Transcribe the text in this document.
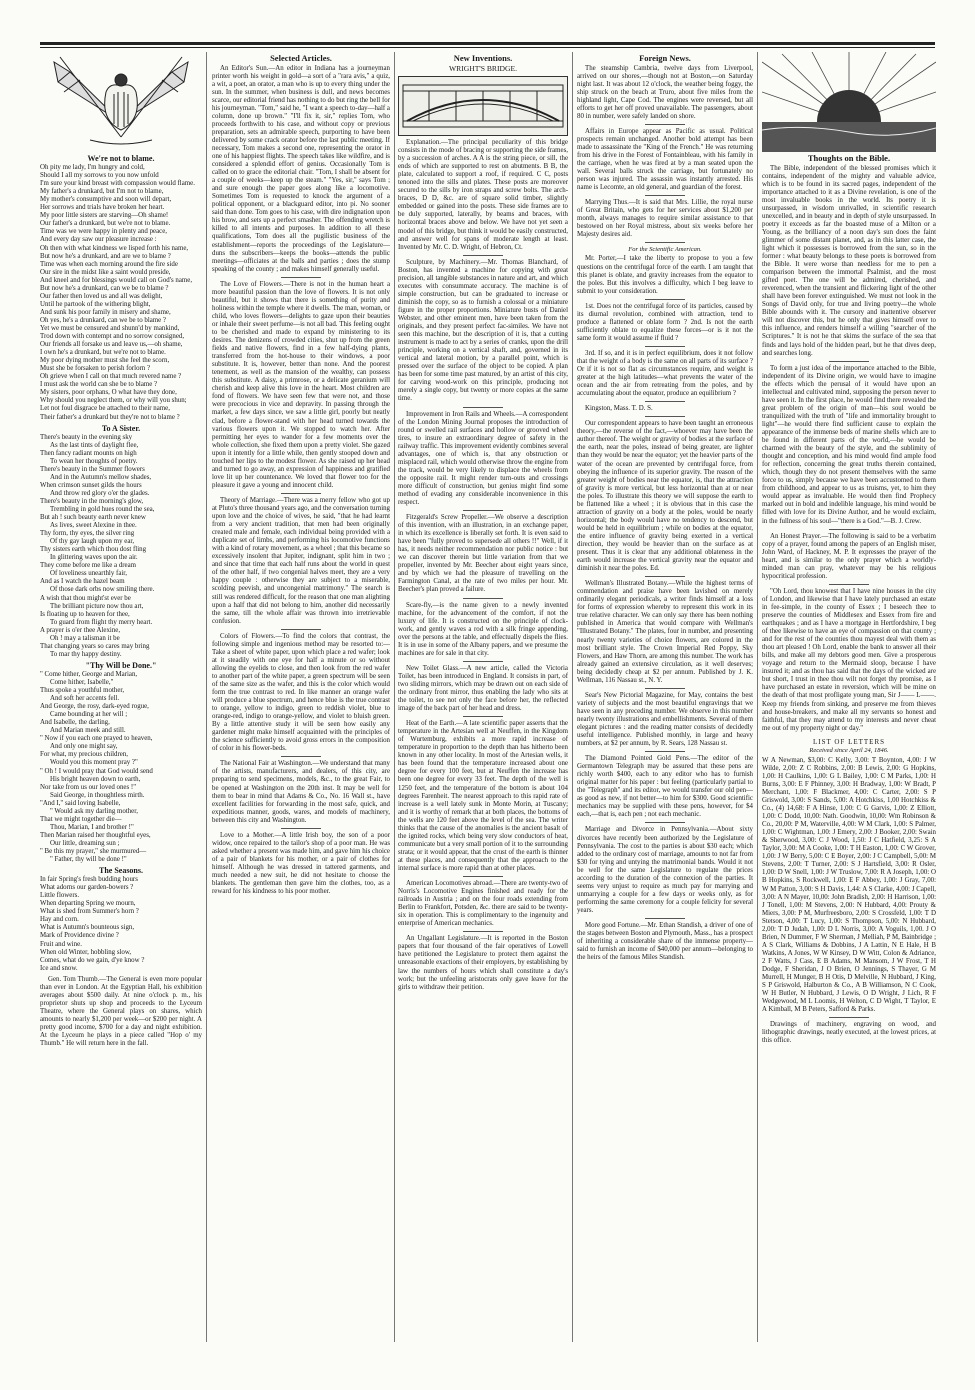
We're not to blame.

Oh pity me lady, I'm hungry and cold,

Should I all my sorrows to you now unfold

I'm sure your kind breast with compassion would flame.

My father's a drunkard, but I'm not to blame,

My mother's consumptive and soon will depart,

Her sorrows and trials have broken her heart.

My poor little sisters are starving—Oh shame!

Our father's a drunkard, but we're not to blame.

Time was we were happy in plenty and peace,

And every day saw our pleasure increase :

Oh then with what kindness we lisped forth his name,

But now he's a drunkard, and are we to blame ?

Time was when each morning around the fire side

Our sire in the midst like a saint would preside,

And kneel and for blessings would call on God's name,

But now he's a drunkard, can we be to blame ?

Our father then loved us and all was delight,

Until he partook of the withering blight,

And sunk his poor family in misery and shame,

Oh yes, he's a drunkard, can we be to blame ?

Yet we must be censured and shunn'd by mankind,

Trod down with contempt and no sorrow consigned,

Our friends all forsake us and leave us,—oh shame,

I own he's a drunkard, but we're not to blame.

My poor dying mother must she feel the scorn,

Must she be forsaken to perish forlorn ?

Oh grieve when I call on that much revered name ?

I must ask the world can she be to blame ?

My sisters, poor orphans, O what have they done,

Why should you neglect them, or why will you shun;

Let not foul disgrace be attached to their name,

Their father's a drunkard but they're not to blame ?

To A Sister.

There's beauty in the evening sky

As the last tints of daylight flee,

Then fancy radiant mounts on high

To wean her thoughts of poetry.

There's beauty in the Summer flowers

And in the Autumn's mellow shades,

When crimson sunset gilds the hours

And throw red glory o'er the glades.

There's beauty in the morning's glow,

Trembling in gold hues round the sea,

But ah ! such beauty earth never knew

As lives, sweet Alexine in thee.

Thy form, thy eyes, the silver ring

Of thy gay laugh upon my ear,

Thy sisters earth which thou dost fling

In glittering waves upon the air.

They come before me like a dream

Of loveliness unearthly fair,

And as I watch the hazel beam

Of those dark orbs now smiling there.

A wish that thou might'st ever be

The brilliant picture now thou art,

Is floating up to heaven for thee,

To guard from flight thy merry heart.

A prayer is o'er thee Alexine,

Oh ! may a talisman it be

That changing years so cares may bring

To mar thy happy destiny.

"Thy Will be Done."

" Come hither, George and Marian,

Come hither, Isabelle,"

Thus spoke a youthful mother,

And soft her accents fell.

And George, the rosy, dark-eyed rogue,

Came bounding at her will ;

And Isabelle, the darling,

And Marian meek and still.

" Now if you each one prayed to heaven,

And only one might say,

For what, my precious children,

Would you this moment pray ?"

" Oh ! I would pray that God would send

His bright heaven down to earth,

Nor take from us our loved ones !"

Said George, in thoughtless mirth.

"And I," said loving Isabelle,

" Would ask my darling mother,

That we might together die—

Thou, Marian, I and brother !"

Then Marian raised her thoughtful eyes,

Our little, dreaming sun ;

" Be this my prayer," she murmured—

" Father, thy will be done !"

The Seasons.

In fair Spring's fresh budding hours

What adorns our garden-bowers ?

Little flowers.

When departing Spring we mourn,

What is shed from Summer's horn ?

Hay and corn.

What is Autumn's bounteous sign,

Mark of Providence divine ?

Fruit and wine.

When old Winter, hobbling slow,

Comes, what do we gain, d'ye know ?

Ice and snow.

Gen. Tom Thumb.—The General is even more popular than ever in London. At the Egyptian Hall, his exhibition averages about $500 daily. At nine o'clock p. m., his proprietor shuts up shop and proceeds to the Lyceum Theatre, where the General plays on shares, which amounts to nearly $1,200 per week—or $200 per night. A pretty good income, $700 for a day and night exhibition. At the Lyceum he plays in a piece called "Hop o' my Thumb." He will return here in the fall.

Selected Articles.

An Editor's Sun.—An editor in Indiana has a journeyman printer worth his weight in gold—a sort of a "rara avis," a quiz, a wit, a poet, an orator, a man who is up to every thing under the sun. In the summer, when business is dull, and news becomes scarce, our editorial friend has nothing to do but ring the bell for his journeyman. "Tom," said he, "I want a speech to-day—half a column, done up brown." "I'll fix it, sir," replies Tom, who proceeds forthwith to his case, and without copy or previous preparation, sets an admirable speech, purporting to have been delivered by some crack orator before the last public meeting. If necessary, Tom makes a second one, representing the orator in one of his happiest flights. The speech takes like wildfire, and is considered a splendid effort of genius. Occasionally Tom is called on to grace the editorial chair. "Tom, I shall be absent for a couple of weeks—keep up the steam." "Yes, sir," says Tom ; and sure enough the paper goes along like a locomotive. Sometimes Tom is requested to knock the argument of a political opponent, or a blackguard editor, into pi. No sooner said than done. Tom goes to his case, with dire indignation upon his brow, and sets up a perfect smasher. The offending wretch is killed to all intents and purposes. In addition to all these qualifications, Tom does all the pugilistic business of the establishment—reports the proceedings of the Legislature—duns the subscribers—keeps the books—attends the public meetings—officiates at the balls and parties ; does the stump speaking of the county ; and makes himself generally useful.

The Love of Flowers.—There is not in the human heart a more beautiful passion than the love of flowers. It is not only beautiful, but it shows that there is something of purity and holiness within the temple where it dwells. The man, woman, or child, who loves flowers—delights to gaze upon their beauties or inhale their sweet perfume—is not all bad. This feeling ought to be cherished and made to expand by ministering to its desires. The denizens of crowded cities, shut up from the green fields and native flowers, find in a few half-dying plants, transferred from the hot-house to their windows, a poor substitute. It is, however, better than none. And the poorest tenement, as well as the mansion of the wealthy, can possess this substitute. A daisy, a primrose, or a delicate geranium will cherish and keep alive this love in the heart. Most children are fond of flowers. We have seen few that were not, and those were precocious in vice and depravity. In passing through the market, a few days since, we saw a little girl, poorly but neatly clad, before a flower-stand with her head turned towards the various flowers upon it. We stopped to watch her. After permitting her eyes to wander for a few moments over the whole collection, she fixed them upon a pretty violet. She gazed upon it intently for a little while, then gently stooped down and touched her lips to the modest flower. As she raised up her head and turned to go away, an expression of happiness and gratified love lit up her countenance. We loved that flower too for the pleasure it gave a young and innocent child.

Theory of Marriage.—There was a merry fellow who got up at Pluto's three thousand years ago, and the conversation turning upon love and the choice of wives, he said, "that he had learnt from a very ancient tradition, that men had been originally created male and female, each individual being provided with a duplicate set of limbs, and performing his locomotive functions with a kind of rotary movement, as a wheel ; that this became so excessively insolent that Jupiter, indignant, split him in two ; and since that time that each half runs about the world in quest of the other half, if two congenial halves meet, they are a very happy couple : otherwise they are subject to a miserable, scolding peevish, and uncongenial matrimony." The search is still was rendered difficult, for the reason that one man alighting upon a half that did not belong to him, another did necessarily the same, till the whole affair was thrown into irretrievable confusion.

Colors of Flowers.—To find the colors that contrast, the following simple and ingenious method may be resorted to:—Take a sheet of white paper, upon which place a red wafer; look at it steadily with one eye for half a minute or so without allowing the eyelids to close, and then look from the red wafer to another part of the white paper, a green spectrum will be seen of the same size as the wafer, and this is the color which would form the true contrast to red. In like manner an orange wafer will produce a blue spectrum, and hence blue is the true contrast to orange, yellow to indigo, green to reddish violet, blue to orange-red, indigo to orange-yellow, and violet to bluish green. By a little attentive study it will be seen how easily any gardener might make himself acquainted with the principles of the science sufficiently to avoid gross errors in the composition of color in his flower-beds.

The National Fair at Washington.—We understand that many of the artists, manufacturers, and dealers, of this city, are preparing to send specimens, models, &c., to the great Fair, to be opened at Washington on the 20th inst. It may be well for them to bear in mind that Adams & Co., No. 16 Wall st., have excellent facilities for forwarding in the most safe, quick, and expeditious manner, goods, wares, and models of machinery, between this city and Washington.

Love to a Mother.—A little Irish boy, the son of a poor widow, once repaired to the tailor's shop of a poor man. He was asked whether a present was made him, and gave him his choice of a pair of blankets for his mother, or a pair of clothes for himself. Although he was dressed in tattered garments, and much needed a new suit, he did not hesitate to choose the blankets. The gentleman then gave him the clothes, too, as a reward for his kindness to his poor mother.

New Inventions.
WRIGHT'S BRIDGE.

Explanation.—The principal peculiarity of this bridge consists in the mode of bracing or supporting the side frames, by a succession of arches. A A is the string piece, or sill, the ends of which are supported to rest on abutments. B B, the plate, calculated to support a roof, if required. C C, posts tenoned into the sills and plates. These posts are moreover secured to the sills by iron straps and screw bolts. The arch-braces, D D, &c. are of square solid timber, slightly embedded or gained into the posts. These side frames are to be duly supported, laterally, by beams and braces, with horizontal braces above and below. We have not yet seen a model of this bridge, but think it would be easily constructed, and answer well for spans of moderate length at least. Invented by Mr. C. D. Wright, of Hebron, Ct.

Sculpture, by Machinery.—Mr. Thomas Blanchard, of Boston, has invented a machine for copying with great precision, all tangible substances in nature and art, and which executes with consummate accuracy. The machine is of simple construction, but can be graduated to increase or diminish the copy, so as to furnish a colossal or a miniature figure in the proper proportions. Miniature busts of Daniel Webster, and other eminent men, have been taken from the originals, and they present perfect fac-similes. We have not seen this machine, but the description of it is, that a cutting instrument is made to act by a series of cranks, upon the drill principle, working on a vertical shaft, and, governed in its vertical and lateral motion, by a parallel point, which is pressed over the surface of the object to be copied. A plan has been for some time past matured, by an artist of this city, for carving wood-work on this principle, producing not merely a single copy, but twenty or more copies at the same time.

Improvement in Iron Rails and Wheels.—A correspondent of the London Mining Journal proposes the introduction of round or swelled rail surfaces and hollow or grooved wheel tires, to insure an extraordinary degree of safety in the railway traffic. This improvement evidently combines several advantages, one of which is, that any obstruction or misplaced rail, which would otherwise throw the engine from the track, would be very likely to displace the wheels from the opposite rail. It might render turn-outs and crossings more difficult of construction, but genius might find some method of evading any considerable inconvenience in this respect.

Fitzgerald's Screw Propeller.—We observe a description of this invention, with an illustration, in an exchange paper, in which its excellence is liberally set forth. It is even said to have been "fully proved to supersede all others !!" Well, if it has, it needs neither recommendation nor public notice : but we can discover therein but little variation from that we propeller, invented by Mr. Beecher about eight years since, and by which we had the pleasure of travelling on the Farmington Canal, at the rate of two miles per hour. Mr. Beecher's plan proved a failure.

Scare-fly,—is the name given to a newly invented machine, for the advancement of the comfort, if not the luxury of life. It is constructed on the principle of clock-work, and gently waves a rod with a silk fringe appending, over the persons at the table, and effectually dispels the flies. It is in use in some of the Albany papers, and we presume the machines are for sale in that city.

New Toilet Glass.—A new article, called the Victoria Toilet, has been introduced in England. It consists in part, of two sliding mirrors, which may be drawn out on each side of the ordinary front mirror, thus enabling the lady who sits at the toilet, to see not only the face before her, the reflected image of the back part of her head and dress.

Heat of the Earth.—A late scientific paper asserts that the temperature in the Artesian well at Neuffen, in the Kingdom of Wurtemburg, exhibits a more rapid increase of temperature in proportion to the depth than has hitherto been known in any other locality. In most of the Artesian wells, it has been found that the temperature increased about one degree for every 100 feet, but at Neuffen the increase has been one degree for every 33 feet. The depth of the well is 1250 feet, and the temperature of the bottom is about 104 degrees Farenheit. The nearest approach to this rapid rate of increase is a well lately sunk in Monte Morin, at Tuscany; and it is worthy of remark that at both places, the bottoms of the wells are 120 feet above the level of the sea. The writer thinks that the cause of the anomalies is the ancient basalt of the ignited rocks, which being very slow conductors of heat, communicate but a very small portion of it to the surrounding strata; or it would appear, that the crust of the earth is thinner at these places, and consequently that the approach to the internal surface is more rapid than at other places.

American Locomotives abroad.—There are twenty-two of Norris's Locomotive Engines finished and ready for the railroads in Austria ; and on the four roads extending from Berlin to Frankfort, Potsden, &c. there are said to be twenty-six in operation. This is complimentary to the ingenuity and enterprise of American mechanics.

An Ungallant Legislature.—It is reported in the Boston papers that four thousand of the fair operatives of Lowell have petitioned the Legislature to protect them against the unreasonable exactions of their employers, by establishing by law the numbers of hours which shall constitute a day's work; but the unfeeling aristocrats only gave leave for the girls to withdraw their petition.

Foreign News.

The steamship Cambria, twelve days from Liverpool, arrived on our shores,—though not at Boston,—on Saturday night last. It was about 12 o'clock, the weather being foggy, the ship struck on the beach at Truro, about five miles from the highland light, Cape Cod. The engines were reversed, but all efforts to get her off proved unavailable. The passengers, about 80 in number, were safely landed on shore.

Affairs in Europe appear as Pacific as usual. Political prospects remain unchanged. Another bold attempt has been made to assassinate the "King of the French." He was returning from his drive in the Forest of Fontainbleau, with his family in the carriage, when he was fired at by a man seated upon the wall. Several balls struck the carriage, but fortunately no person was injured. The assassin was instantly arrested. His name is Lecomte, an old general, and guardian of the forest.

Marrying Thus.—It is said that Mrs. Lillie, the royal nurse of Great Britain, who gets for her services about $1,200 per month, always manages to require similar assistance to that bestowed on her Royal mistress, about six weeks before her Majesty desires aid.

For the Scientific American.

Mr. Porter,—I take the liberty to propose to you a few questions on the centrifugal force of the earth. I am taught that this planet is oblate, and gravity increases from the equator to the poles. But this involves a difficulty, which I beg leave to submit to your consideration.

1st. Does not the centrifugal force of its particles, caused by its diurnal revolution, combined with attraction, tend to produce a flattened or oblate form ? 2nd. Is not the earth sufficiently oblate to equalize these forces—or is it not the same form it would assume if fluid ?

3rd. If so, and it is in perfect equilibrium, does it not follow that the weight of a body is the same on all parts of its surface ? Or if it is not so flat as circumstances require, and weight is greater at the high latitudes—what prevents the water of the ocean and the air from retreating from the poles, and by accumulating about the equator, produce an equilibrium ?

Kingston, Mass. T. D. S.

Our correspondent appears to have been taught an erroneous theory,—the reverse of the fact,—whoever may have been the author thereof. The weight or gravity of bodies at the surface of the earth, near the poles, instead of being greater, are lighter than they would be near the equator; yet the heavier parts of the water of the ocean are prevented by centrifugal force, from obeying the influence of its superior gravity. The reason of the greater weight of bodies near the equator, is, that the attraction of gravity is more vertical, but less horizontal than at or near the poles. To illustrate this theory we will suppose the earth to be flattened like a wheel ; it is obvious that in this case the attraction of gravity on a body at the poles, would be nearly horizontal; the body would have no tendency to descend, but would be held in equilibrium ; while on bodies at the equator, the entire influence of gravity being exerted in a vertical direction, they would be heavier than on the surface as at present. Thus it is clear that any additional oblateness in the earth would increase the vertical gravity near the equator and diminish it near the poles. Ed.

Wellman's Illustrated Botany.—While the highest terms of commendation and praise have been lavished on merely ordinarily elegant periodicals, a writer finds himself at a loss for forms of expression whereby to represent this work in its true relative character. We can only say there has been nothing published in America that would compare with Wellman's "Illustrated Botany." The plates, four in number, and presenting nearly twenty varieties of choice flowers, are colored in the most brilliant style. The Crown Imperial Red Poppy, Sky Flowers, and Haw Thorn, are among this number. The work has already gained an extensive circulation, as it well deserves; being decidedly cheap at $2 per annum. Published by J. K. Wellman, 116 Nassau st., N. Y.

Sear's New Pictorial Magazine, for May, contains the best variety of subjects and the most beautiful engravings that we have seen in any preceding number. We observe in this number nearly twenty illustrations and embellishments. Several of them elegant pictures : and the reading matter consists of decidedly useful intelligence. Published monthly, in large and heavy numbers, at $2 per annum, by R. Sears, 128 Nassau st.

The Diamond Pointed Gold Pens.—The editor of the Germantown Telegraph may be assured that these pens are richly worth $400, each to any editor who has to furnish original matter for his paper : but feeling (particularly partial to the "Telegraph" and its editor, we would transfer our old pen—as good as new, if not better—to him for $300. Good scientific mechanics may be supplied with these pens, however, for $4 each,—that is, each pen ; not each mechanic.

Marriage and Divorce in Pennsylvania.—About sixty divorces have recently been authorized by the Legislature of Pennsylvania. The cost to the parties is about $30 each; which added to the ordinary cost of marriage, amounts to not far from $30 for tying and untying the matrimonial bands. Would it not be well for the same Legislature to regulate the prices according to the duration of the connexion of the parties. It seems very unjust to require as much pay for marrying and unmarrying a couple for a few days or weeks only, as for performing the same ceremony for a couple felicity for several years.

More good Fortune.—Mr. Ethan Standish, a driver of one of the stages between Boston and Plymouth, Mass., has a prospect of inheriting a considerable share of the immense property—said to furnish an income of $40,000 per annum—belonging to the heirs of the famous Miles Standish.

Thoughts on the Bible.

The Bible, independent of the blessed promises which it contains, independent of the mighty and valuable advice, which is to be found in its sacred pages, independent of the importance attached to it as a Divine revelation, is one of the most invaluable books in the world. Its poetry it is unsurpassed, in wisdom unrivalled, in scientific research unexcelled, and in beauty and in depth of style unsurpassed. In poetry it exceeds as far the boasted muse of a Milton or a Young, as the brilliancy of a noon day's sun does the faint glimmer of some distant planet, and, as in this latter case, the light which it possesses is borrowed from the sun, so in the former : what beauty belongs to these poets is borrowed from the Bible. It were worse than needless for me to pen a comparison between the immortal Psalmist, and the most gifted poet. The one will be admired, cherished, and reverenced, when the transient and flickering light of the other shall have been forever extinguished. We must not look in the Songs of David only, for true and living poetry—the whole Bible abounds with it. The cursory and inattentive observer will not discover this, but he only that gives himself over to this influence, and renders himself a willing "searcher of the Scriptures." It is not he that skims the surface of the sea that finds and lays hold of the hidden pearl, but he that dives deep, and searches long.

To form a just idea of the importance attached to the Bible, independent of its Divine origin, we would have to imagine the effects which the perusal of it would have upon an intellectual and cultivated mind, supposing the person never to have seen it. In the first place, he would find there revealed the great problem of the origin of man—his soul would be tranquilized with the truth of "life and immortality brought to light"—he would there find sufficient cause to explain the appearance of the immense beds of marine shells which are to be found in different parts of the world,—he would be charmed with the beauty of the style, and the sublimity of thought and conception, and his mind would find ample food for reflection, concerning the great truths therein contained, which, though they do not present themselves with the same force to us, simply because we have been accustomed to them from childhood, and appear to us as truisms, yet, to him they would appear as invaluable. He would then find Prophecy marked out in bold and indelible language, his mind would be filled with love for its Divine Author, and he would exclaim, in the fullness of his soul—"there is a God."—B. J. Crew.

An Honest Prayer.—The following is said to be a verbatim copy of a prayer, found among the papers of an English miser, John Ward, of Hackney, M. P. It expresses the prayer of the heart, and is similar to the only prayer which a worldly-minded man can pray, whatever may be his religious hypocritical profession.

"Oh Lord, thou knowest that I have nine houses in the city of London, and likewise that I have lately purchased an estate in fee-simple, in the county of Essex ; I beseech thee to preserve the counties of Middlesex and Essex from fire and earthquakes ; and as I have a mortgage in Hertfordshire, I beg of thee likewise to have an eye of compassion on that county ; and for the rest of the counties thou mayest deal with them as thou art pleased ! Oh Lord, enable the bank to answer all their bills, and make all my debtors good men. Give a prosperous voyage and return to the Mermaid sloop, because I have insured it; and as thou has said that the days of the wicked are but short, I trust in thee thou wilt not forget thy promise, as I have purchased an estate in reversion, which will be mine on the death of that most profligate young man, Sir J—— L——. Keep my friends from sinking, and preserve me from thieves and house-breakers, and make all my servants so honest and faithful, that they may attend to my interests and never cheat me out of my property night or day."

LIST OF LETTERS
Received since April 24, 1846.

W A Newman, $3,00: C Kelly, 3,00: T Boynton, 4,00: J W Wilde, 2,00: Z C Robbins, 2,00: B Lewis, 2,00: G Hopkins, 1,00: H Caulkins, 1,00: G L Bailey, 1,00: C M Parks, 1,00: H Burns, 3,00: E F Phinney, 3,00: H Bradway, 1,00: W Bradt, P Merchant, 1,00: F Blackmer, 4,00: C Carter, 2,00: S P Griswold, 3,00: S Sands, 5,00: A Hotchkiss, 1,00 Hotchkiss & Co., (4) 14,68: F A Hinse, 1,00: C G Garvis, 1,00: Z Elliott, 1,00: C Dodd, 10,00: Nath. Goodwin, 10,00: Wm Robinson & Co., 20,00: P M, Waterville, 4,00: W M Clark, 1,00: S Palmer, 1,00: C Wightman, 1,00: J Emery, 2,00: J Booker, 2,00: Swain & Sherwood, 3,00: C J Wood, 1,50: J C Hatfield, 3,25: S A Taylor, 3,00: M A Cooke, 1,00: T H Easton, 1,00: C W Grover, 1,00: J W Berry, 5,00: C E Boyer, 2,00: J C Campbell, 5,00: M Stevens, 2,00: T Turner, 2,00: S J Hartsfield, 3,00: R Osler, 1,00: D W Snell, 1,00: J W Truslow, 7,00: R A Joseph, 1,00: O B Hopkins, S Rockwell, 1,00: E F Abbey, 1,00: J Gray, 7,00: W M Patton, 3,00: S H Davis, 1,44: A S Clarke, 4,00: J Capell, 3,00: A N Mayer, 10,00: John Bradish, 2,00: H Harrison, 1,00: J Tonell, 1,00: M Stevens, 2,00: N Hubbard, 4,00: Prouty & Miers, 3,00: P M, Murfreesboro, 2,00: S Crossfeld, 1,00: T D Stetson, 4,00: T Lucy, 1,00: S Thompson, 5,00: N Hubbard, 2,00: T D Judah, 1,00: D L Norris, 3,00: A Voguils, 1,00. J O Brien, N Dummer, F W Sherman, J Melliah, P M, Bainbridge ; A S Clark, Williams & Dobbins, J A Lattin, N E Hale, H B Watkins, A Jones, W W Kinsey, D W Witt, Colon & Adriance, 2 F Watts, J Cass, E B Adams, M Mansom, J W Frost, T H Dodge, F Sheridan, J O Brien, O Jennings, S Thayer, G M Murrell, H Munger, B H Otis, D Melville, N Hubbard, J King, S P Griswold, Halburton & Co., A B Williamson, N C Cook, W H Butler, N Hubbard, J Lewis, O D Wright, J Lich, R F Wedgewood, M L Loomis, H Welton, C D Wight, T Taylor, E A Kimball, M B Peters, Safford & Parks.

Drawings of machinery, engraving on wood, and lithographic drawings, neatly executed, at the lowest prices, at this office.
